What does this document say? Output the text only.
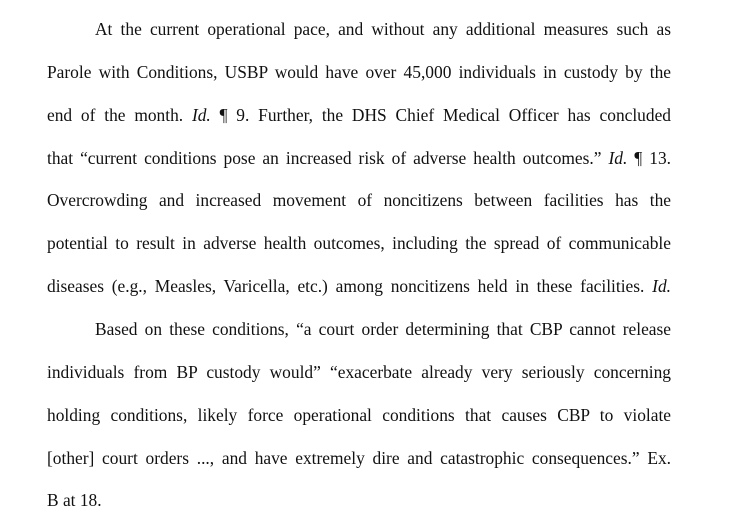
At the current operational pace, and without any additional measures such as
Parole with Conditions, USBP would have over 45,000 individuals in custody by the
end of the month. Id. ¶ 9. Further, the DHS Chief Medical Officer has concluded
that “current conditions pose an increased risk of adverse health outcomes.” Id. ¶ 13.
Overcrowding and increased movement of noncitizens between facilities has the
potential to result in adverse health outcomes, including the spread of communicable
diseases (e.g., Measles, Varicella, etc.) among noncitizens held in these facilities. Id.
Based on these conditions, “a court order determining that CBP cannot release
individuals from BP custody would” “exacerbate already very seriously concerning
holding conditions, likely force operational conditions that causes CBP to violate
[other] court orders ..., and have extremely dire and catastrophic consequences.” Ex.
B at 18.
